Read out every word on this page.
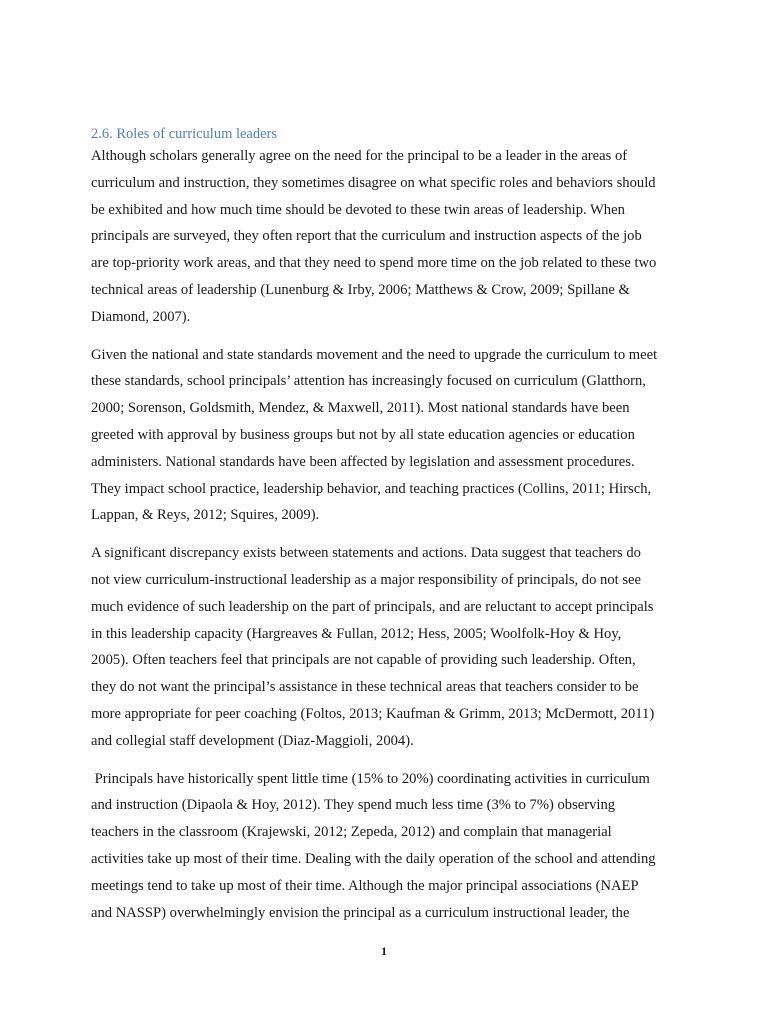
2.6. Roles of curriculum leaders

Although scholars generally agree on the need for the principal to be a leader in the areas of
curriculum and instruction, they sometimes disagree on what specific roles and behaviors should
be exhibited and how much time should be devoted to these twin areas of leadership. When
principals are surveyed, they often report that the curriculum and instruction aspects of the job
are top-priority work areas, and that they need to spend more time on the job related to these two
technical areas of leadership (Lunenburg & Irby, 2006; Matthews & Crow, 2009; Spillane &
Diamond, 2007).

Given the national and state standards movement and the need to upgrade the curriculum to meet
these standards, school principals’ attention has increasingly focused on curriculum (Glatthorn,
2000; Sorenson, Goldsmith, Mendez, & Maxwell, 2011). Most national standards have been
greeted with approval by business groups but not by all state education agencies or education
administers. National standards have been affected by legislation and assessment procedures.
They impact school practice, leadership behavior, and teaching practices (Collins, 2011; Hirsch,
Lappan, & Reys, 2012; Squires, 2009).

A significant discrepancy exists between statements and actions. Data suggest that teachers do
not view curriculum-instructional leadership as a major responsibility of principals, do not see
much evidence of such leadership on the part of principals, and are reluctant to accept principals
in this leadership capacity (Hargreaves & Fullan, 2012; Hess, 2005; Woolfolk-Hoy & Hoy,
2005). Often teachers feel that principals are not capable of providing such leadership. Often,
they do not want the principal’s assistance in these technical areas that teachers consider to be
more appropriate for peer coaching (Foltos, 2013; Kaufman & Grimm, 2013; McDermott, 2011)
and collegial staff development (Diaz-Maggioli, 2004).

Principals have historically spent little time (15% to 20%) coordinating activities in curriculum
and instruction (Dipaola & Hoy, 2012). They spend much less time (3% to 7%) observing
teachers in the classroom (Krajewski, 2012; Zepeda, 2012) and complain that managerial
activities take up most of their time. Dealing with the daily operation of the school and attending
meetings tend to take up most of their time. Although the major principal associations (NAEP
and NASSP) overwhelmingly envision the principal as a curriculum instructional leader, the

1
